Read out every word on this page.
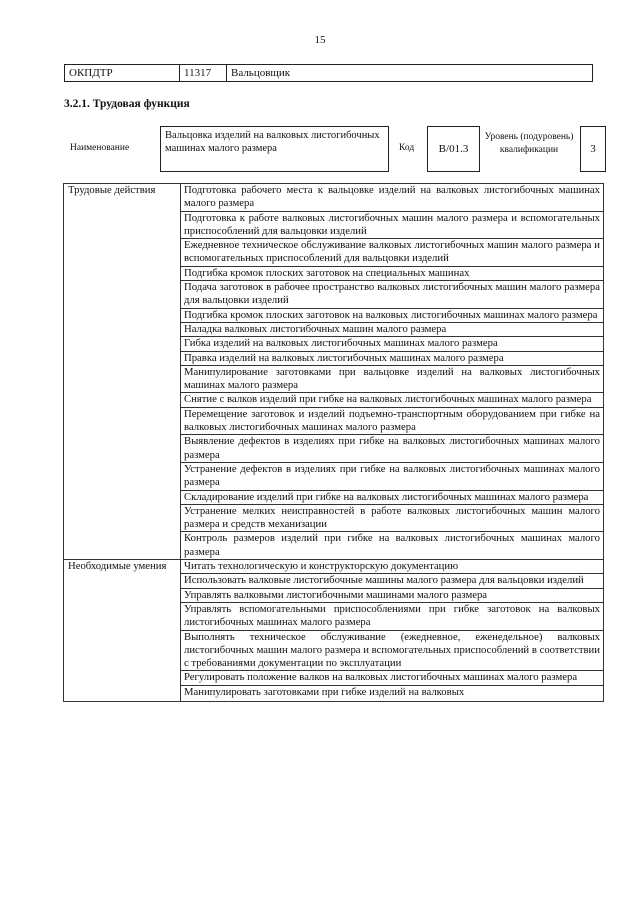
15
ОКПДТР	11317	Вальцовщик
3.2.1. Трудовая функция
Наименование
Вальцовка изделий на валковых листогибочных машинах малого размера	Код	B/01.3
Уровень (подуровень) квалификации	3
Трудовые действия	Подготовка рабочего места к вальцовке изделий на валковых листогибочных машинах малого размера
	Подготовка к работе валковых листогибочных машин малого размера и вспомогательных приспособлений для вальцовки изделий
	Ежедневное техническое обслуживание валковых листогибочных машин малого размера и вспомогательных приспособлений для вальцовки изделий
	Подгибка кромок плоских заготовок на специальных машинах
	Подача заготовок в рабочее пространство валковых листогибочных машин малого размера для вальцовки изделий
	Подгибка кромок плоских заготовок на валковых листогибочных машинах малого размера
	Наладка валковых листогибочных машин малого размера
	Гибка изделий на валковых листогибочных машинах малого размера
	Правка изделий на валковых листогибочных машинах малого размера
	Манипулирование заготовками при вальцовке изделий на валковых листогибочных машинах малого размера
	Снятие с валков изделий при гибке на валковых листогибочных машинах малого размера
	Перемещение заготовок и изделий подъемно-транспортным оборудованием при гибке на валковых листогибочных машинах малого размера
	Выявление дефектов в изделиях при гибке на валковых листогибочных машинах малого размера
	Устранение дефектов в изделиях при гибке на валковых листогибочных машинах малого размера
	Складирование изделий при гибке на валковых листогибочных машинах малого размера
	Устранение мелких неисправностей в работе валковых листогибочных машин малого размера и средств механизации
	Контроль размеров изделий при гибке на валковых листогибочных машинах малого размера
Необходимые умения	Читать технологическую и конструкторскую документацию
	Использовать валковые листогибочные машины малого размера для вальцовки изделий
	Управлять валковыми листогибочными машинами малого размера
	Управлять вспомогательными приспособлениями при гибке заготовок на валковых листогибочных машинах малого размера
	Выполнять техническое обслуживание (ежедневное, еженедельное) валковых листогибочных машин малого размера и вспомогательных приспособлений в соответствии с требованиями документации по эксплуатации
	Регулировать положение валков на валковых листогибочных машинах малого размера

	Манипулировать заготовками при гибке изделий на валковых
